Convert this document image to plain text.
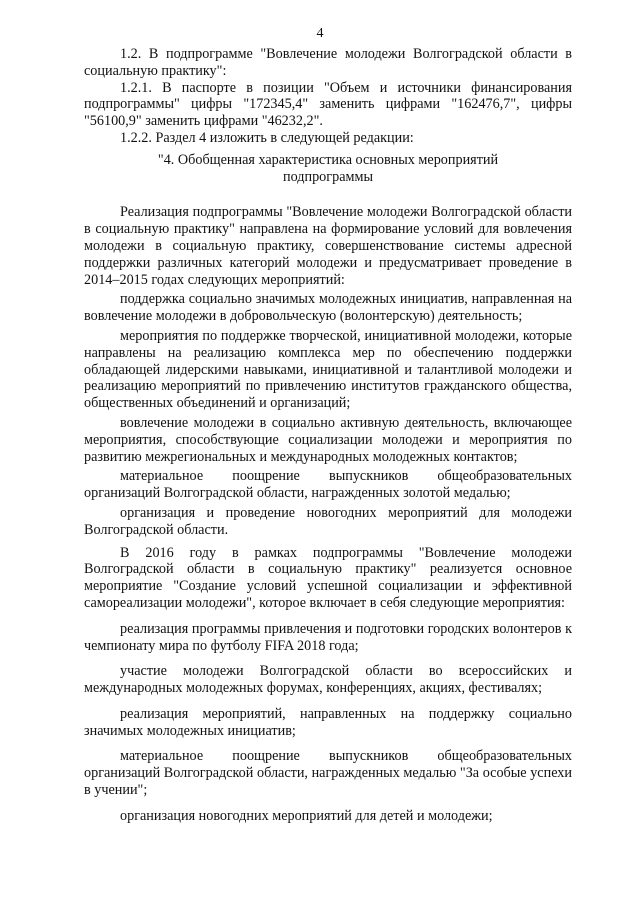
4

1.2. В подпрограмме "Вовлечение молодежи Волгоградской области в социальную практику":

1.2.1. В паспорте в позиции "Объем и источники финансирования подпрограммы" цифры "172345,4" заменить цифрами "162476,7", цифры "56100,9" заменить цифрами "46232,2".

1.2.2. Раздел 4 изложить в следующей редакции:

"4. Обобщенная характеристика основных мероприятий
подпрограммы

Реализация подпрограммы "Вовлечение молодежи Волгоградской области в социальную практику" направлена на формирование условий для вовлечения молодежи в социальную практику, совершенствование системы адресной поддержки различных категорий молодежи и предусматривает проведение в 2014–2015 годах следующих мероприятий:

поддержка социально значимых молодежных инициатив, направленная на вовлечение молодежи в добровольческую (волонтерскую) деятельность;

мероприятия по поддержке творческой, инициативной молодежи, которые направлены на реализацию комплекса мер по обеспечению поддержки обладающей лидерскими навыками, инициативной и талантливой молодежи и реализацию мероприятий по привлечению институтов гражданского общества, общественных объединений и организаций;

вовлечение молодежи в социально активную деятельность, включающее мероприятия, способствующие социализации молодежи и мероприятия по развитию межрегиональных и международных молодежных контактов;

материальное поощрение выпускников общеобразовательных организаций Волгоградской области, награжденных золотой медалью;

организация и проведение новогодних мероприятий для молодежи Волгоградской области.

В 2016 году в рамках подпрограммы "Вовлечение молодежи Волгоградской области в социальную практику" реализуется основное мероприятие "Создание условий успешной социализации и эффективной самореализации молодежи", которое включает в себя следующие мероприятия:

реализация программы привлечения и подготовки городских волонтеров к чемпионату мира по футболу FIFA 2018 года;

участие молодежи Волгоградской области во всероссийских и международных молодежных форумах, конференциях, акциях, фестивалях;

реализация мероприятий, направленных на поддержку социально значимых молодежных инициатив;

материальное поощрение выпускников общеобразовательных организаций Волгоградской области, награжденных медалью "За особые успехи в учении";

организация новогодних мероприятий для детей и молодежи;
